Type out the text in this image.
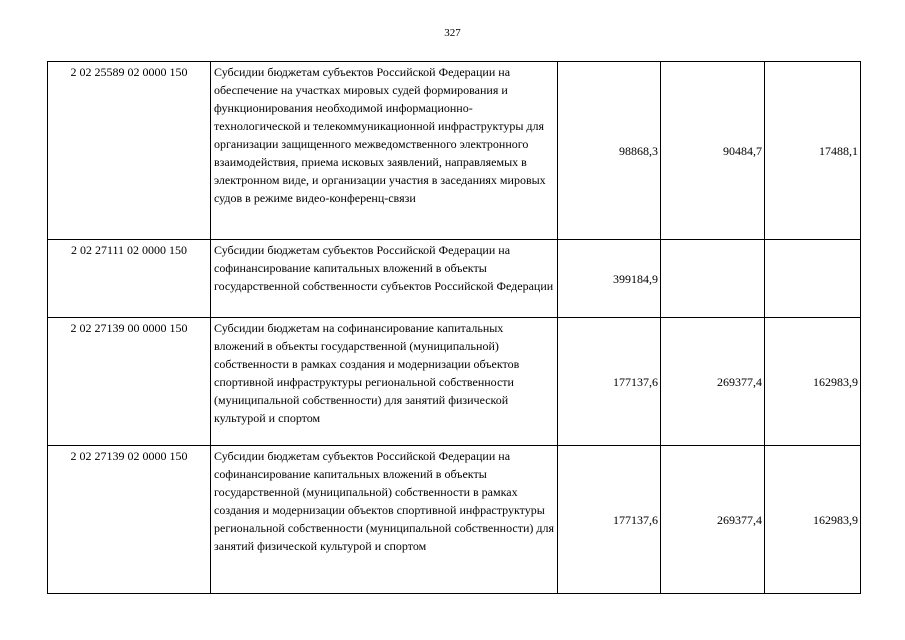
327
2 02 25589 02 0000 150	Субсидии бюджетам субъектов Российской Федерации на обеспечение на участках мировых судей формирования и функционирования необходимой информационно-технологической и телекоммуникационной инфраструктуры для организации защищенного межведомственного электронного взаимодействия, приема исковых заявлений, направляемых в электронном виде, и организации участия в заседаниях мировых судов в режиме видео-конференц-связи	98868,3	90484,7	17488,1
2 02 27111 02 0000 150	Субсидии бюджетам субъектов Российской Федерации на софинансирование капитальных вложений в объекты государственной собственности субъектов Российской Федерации	399184,9		
2 02 27139 00 0000 150	Субсидии бюджетам на софинансирование капитальных вложений в объекты государственной (муниципальной) собственности в рамках создания и модернизации объектов спортивной инфраструктуры региональной собственности (муниципальной собственности) для занятий физической культурой и спортом	177137,6	269377,4	162983,9
2 02 27139 02 0000 150	Субсидии бюджетам субъектов Российской Федерации на софинансирование капитальных вложений в объекты государственной (муниципальной) собственности в рамках создания и модернизации объектов спортивной инфраструктуры региональной собственности (муниципальной собственности) для занятий физической культурой и спортом	177137,6	269377,4	162983,9
